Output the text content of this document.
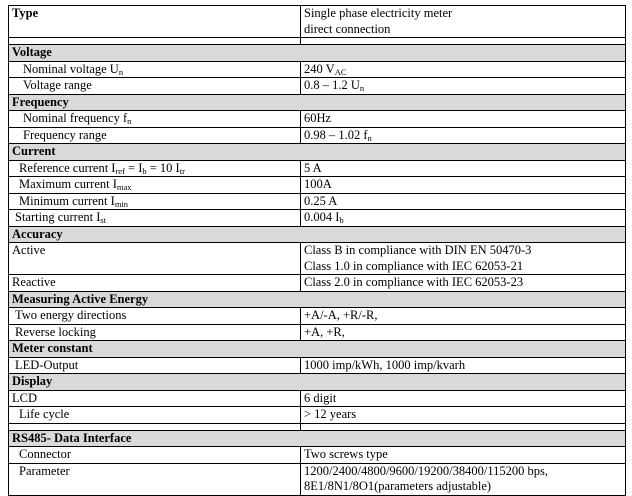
Type	Single phase electricity meter
direct connection

Voltage	
Nominal voltage $U_n$	240 $V_{AC}$
Voltage range	0.8 – 1.2 $U_n$
Frequency	
Nominal frequency $f_n$	60Hz
Frequency range	0.98 – 1.02 $f_n$
Current	
Reference current $I_{ref} = I_b = 10$ $I_{tr}$	5 A
Maximum current $I_{max}$	100A
Minimum current $I_{min}$	0.25 A
Starting current $I_{st}$	0.004 $I_b$
Accuracy	
Active	Class B in compliance with DIN EN 50470-3
Class 1.0 in compliance with IEC 62053-21

Reactive	Class 2.0 in compliance with IEC 62053-23
Measuring Active Energy	
Two energy directions	+A/-A, +R/-R,
Reverse locking	+A, +R,
Meter constant	
LED-Output	1000 imp/kWh, 1000 imp/kvarh
Display	
LCD	6 digit
Life cycle	> 12 years

RS485- Data Interface	
Connector	Two screws type
Parameter	1200/2400/4800/9600/19200/38400/115200 bps,
8E1/8N1/8O1(parameters adjustable)
